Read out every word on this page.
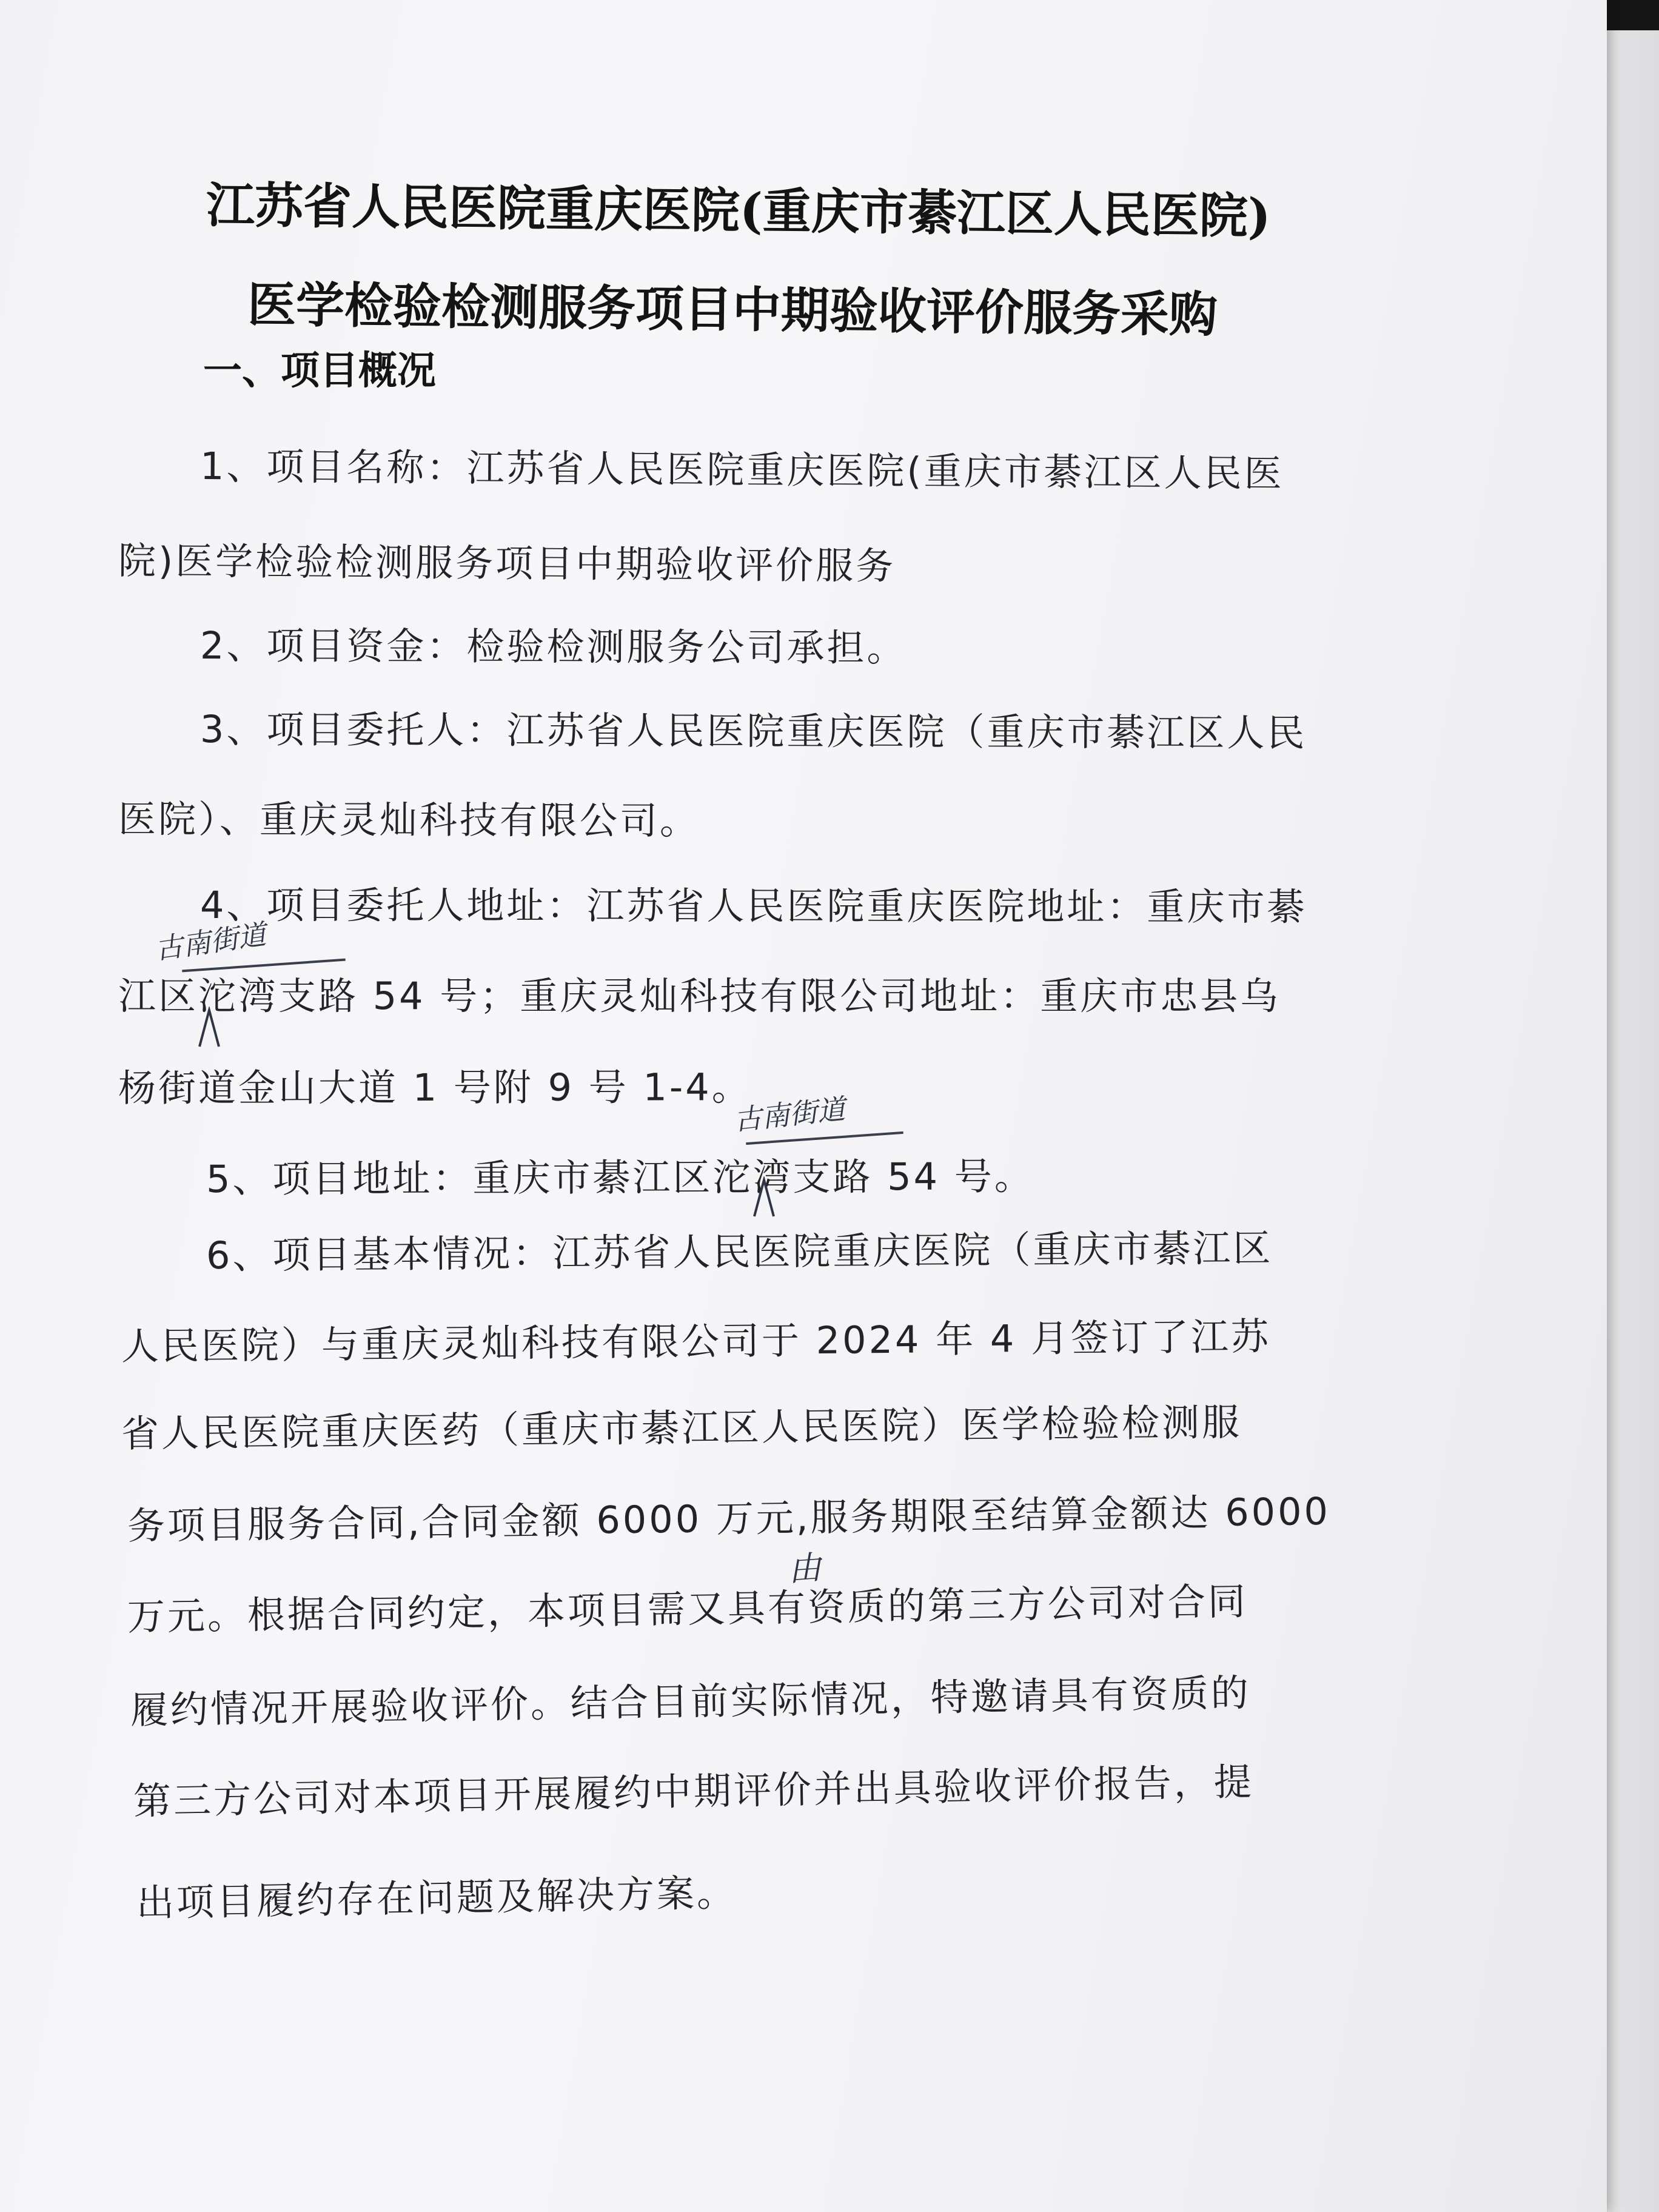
江苏省人民医院重庆医院(重庆市綦江区人民医院)
医学检验检测服务项目中期验收评价服务采购
一、项目概况
1、项目名称：江苏省人民医院重庆医院(重庆市綦江区人民医
院)医学检验检测服务项目中期验收评价服务
2、项目资金：检验检测服务公司承担。
3、项目委托人：江苏省人民医院重庆医院（重庆市綦江区人民
医院）、重庆灵灿科技有限公司。
4、项目委托人地址：江苏省人民医院重庆医院地址：重庆市綦
江区沱湾支路 54 号；重庆灵灿科技有限公司地址：重庆市忠县乌
杨街道金山大道 1 号附 9 号 1-4。
5、项目地址：重庆市綦江区沱湾支路 54 号。
6、项目基本情况：江苏省人民医院重庆医院（重庆市綦江区
人民医院）与重庆灵灿科技有限公司于 2024 年 4 月签订了江苏
省人民医院重庆医药（重庆市綦江区人民医院）医学检验检测服
务项目服务合同,合同金额 6000 万元,服务期限至结算金额达 6000
万元。根据合同约定，本项目需又具有资质的第三方公司对合同
履约情况开展验收评价。结合目前实际情况，特邀请具有资质的
第三方公司对本项目开展履约中期评价并出具验收评价报告，提
出项目履约存在问题及解决方案。
古南街道
古南街道
由
